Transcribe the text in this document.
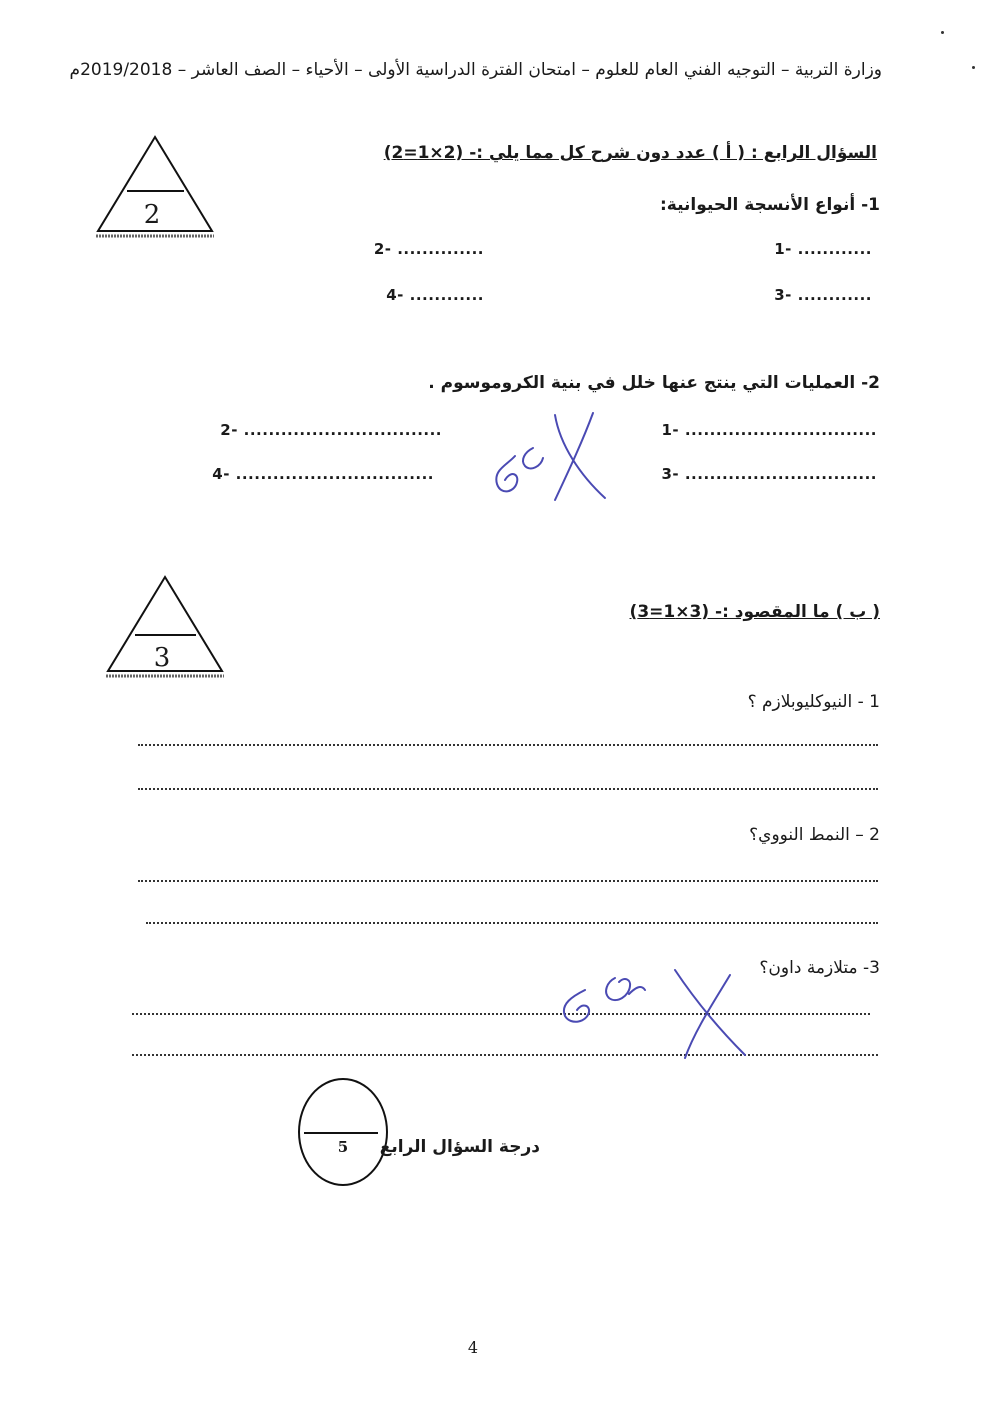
وزارة التربية – التوجيه الفني العام للعلوم – امتحان الفترة الدراسية الأولى – الأحياء – الصف العاشر – 2019/2018م
2
السؤال الرابع : ( أ ) عدد دون شرح كل مما يلي :- (2×1=2)
1- أنواع الأنسجة الحيوانية:
1- ............
2- ..............
3- ............
4- ............
2- العمليات التي ينتج عنها خلل في بنية الكروموسوم .
1- ...............................
2- ................................
3- ...............................
4- ................................
3
( ب ) ما المقصود :- (3×1=3)
1 - النيوكليوبلازم ؟
2 – النمط النووي؟
3- متلازمة داون؟
5	درجة السؤال الرابع
4
